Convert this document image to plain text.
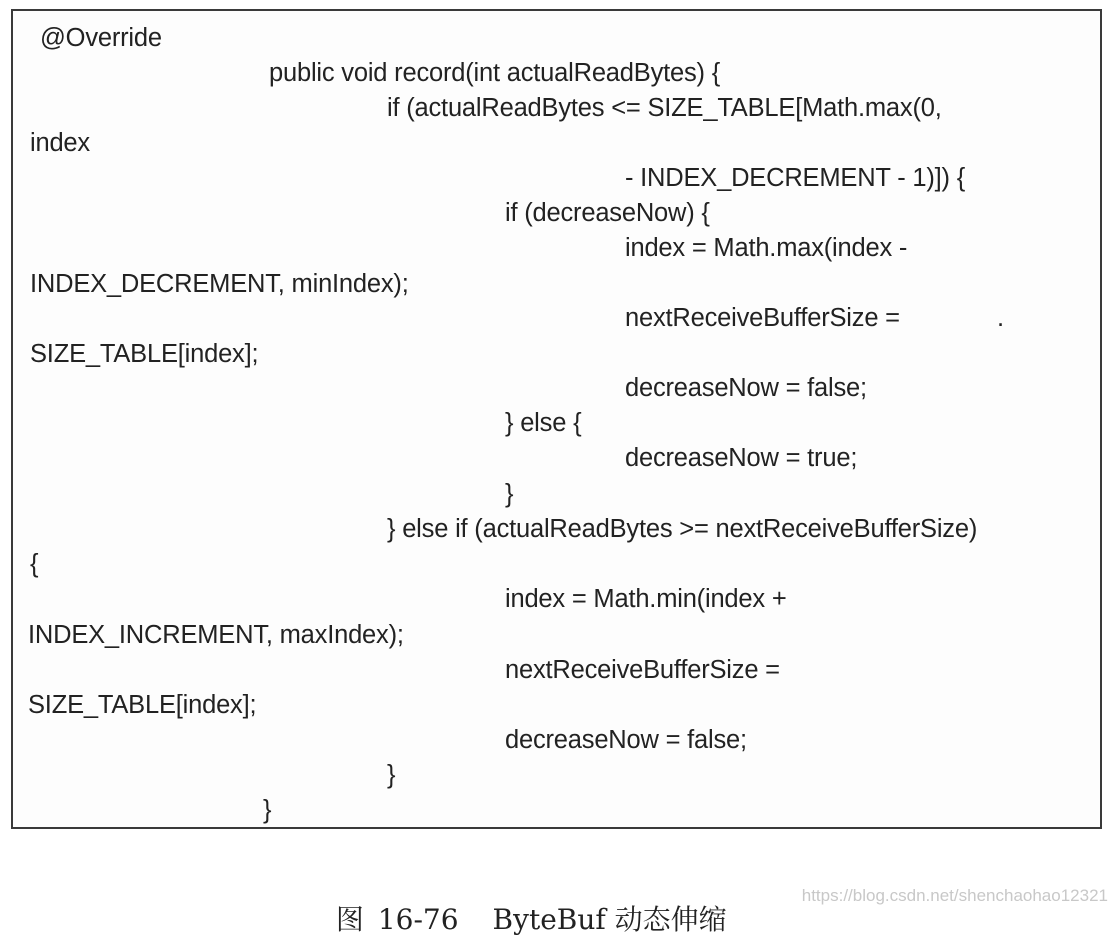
@Override
public void record(int actualReadBytes) {
if (actualReadBytes <= SIZE_TABLE[Math.max(0,
index
- INDEX_DECREMENT - 1)]) {
if (decreaseNow) {
index = Math.max(index -
INDEX_DECREMENT, minIndex);
nextReceiveBufferSize =	.
SIZE_TABLE[index];
decreaseNow = false;
} else {
decreaseNow = true;
}
} else if (actualReadBytes >= nextReceiveBufferSize)
{
index = Math.min(index +
INDEX_INCREMENT, maxIndex);
nextReceiveBufferSize =
SIZE_TABLE[index];
decreaseNow = false;
}
}

图 16-76 ByteBuf 动态伸缩

https://blog.csdn.net/shenchaohao12321
